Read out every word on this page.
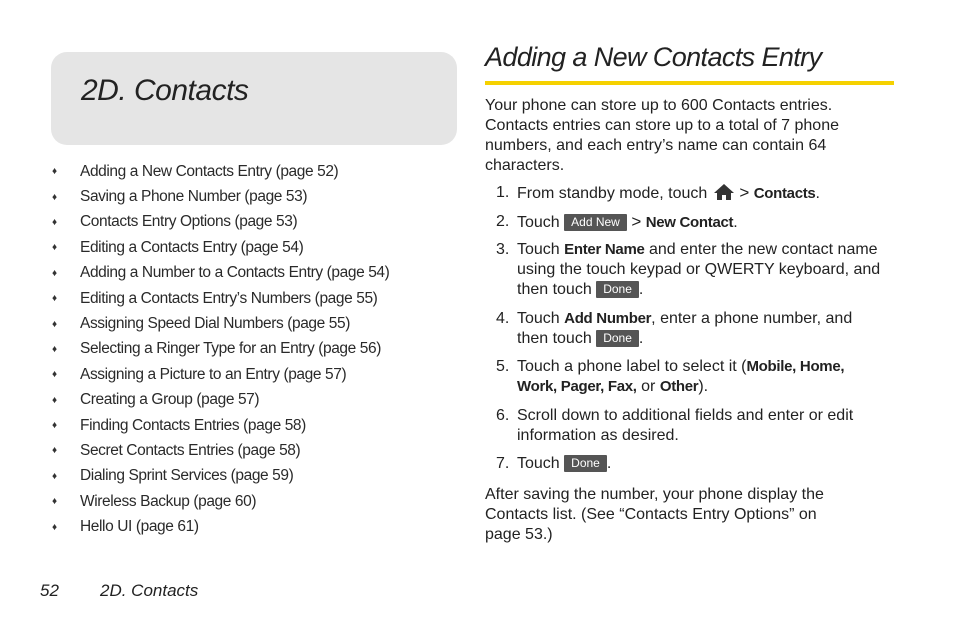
2D. Contacts
♦	Adding a New Contacts Entry (page 52)
♦	Saving a Phone Number (page 53)
♦	Contacts Entry Options (page 53)
♦	Editing a Contacts Entry (page 54)
♦	Adding a Number to a Contacts Entry (page 54)
♦	Editing a Contacts Entry’s Numbers (page 55)
♦	Assigning Speed Dial Numbers (page 55)
♦	Selecting a Ringer Type for an Entry (page 56)
♦	Assigning a Picture to an Entry (page 57)
♦	Creating a Group (page 57)
♦	Finding Contacts Entries (page 58)
♦	Secret Contacts Entries (page 58)
♦	Dialing Sprint Services (page 59)
♦	Wireless Backup (page 60)
♦	Hello UI (page 61)
52 2D. Contacts
Adding a New Contacts Entry

Your phone can store up to 600 Contacts entries. Contacts entries can store up to a total of 7 phone numbers, and each entry’s name can contain 64 characters.

1. From standby mode, touch > Contacts.
2. Touch Add New > New Contact.
3. Touch Enter Name and enter the new contact name using the touch keypad or QWERTY keyboard, and then touch Done .
4. Touch Add Number, enter a phone number, and then touch Done .
5. Touch a phone label to select it (Mobile, Home, Work, Pager, Fax, or Other).
6. Scroll down to additional fields and enter or edit information as desired.
7. Touch Done .

After saving the number, your phone display the Contacts list. (See “Contacts Entry Options” on page 53.)
